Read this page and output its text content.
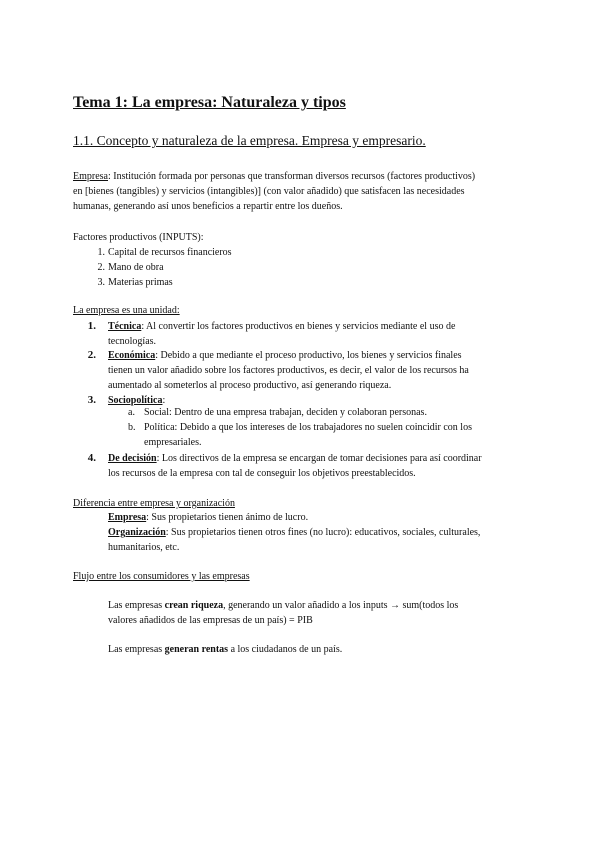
Tema 1: La empresa: Naturaleza y tipos
1.1. Concepto y naturaleza de la empresa. Empresa y empresario.
Empresa: Institución formada por personas que transforman diversos recursos (factores productivos)
en [bienes (tangibles) y servicios (intangibles)] (con valor añadido) que satisfacen las necesidades
humanas, generando así unos beneficios a repartir entre los dueños.
Factores productivos (INPUTS):
1. Capital de recursos financieros
2. Mano de obra
3. Materias primas
La empresa es una unidad:
1. Técnica: Al convertir los factores productivos en bienes y servicios mediante el uso de
tecnologías.
2. Económica: Debido a que mediante el proceso productivo, los bienes y servicios finales
tienen un valor añadido sobre los factores productivos, es decir, el valor de los recursos ha
aumentado al someterlos al proceso productivo, así generando riqueza.
3. Sociopolítica:
a. Social: Dentro de una empresa trabajan, deciden y colaboran personas.
b. Política: Debido a que los intereses de los trabajadores no suelen coincidir con los
empresariales.
4. De decisión: Los directivos de la empresa se encargan de tomar decisiones para así coordinar
los recursos de la empresa con tal de conseguir los objetivos preestablecidos.
Diferencia entre empresa y organización
Empresa: Sus propietarios tienen ánimo de lucro.
Organización: Sus propietarios tienen otros fines (no lucro): educativos, sociales, culturales,
humanitarios, etc.
Flujo entre los consumidores y las empresas
Las empresas crean riqueza, generando un valor añadido a los inputs → sum(todos los
valores añadidos de las empresas de un país) = PIB
Las empresas generan rentas a los ciudadanos de un país.
